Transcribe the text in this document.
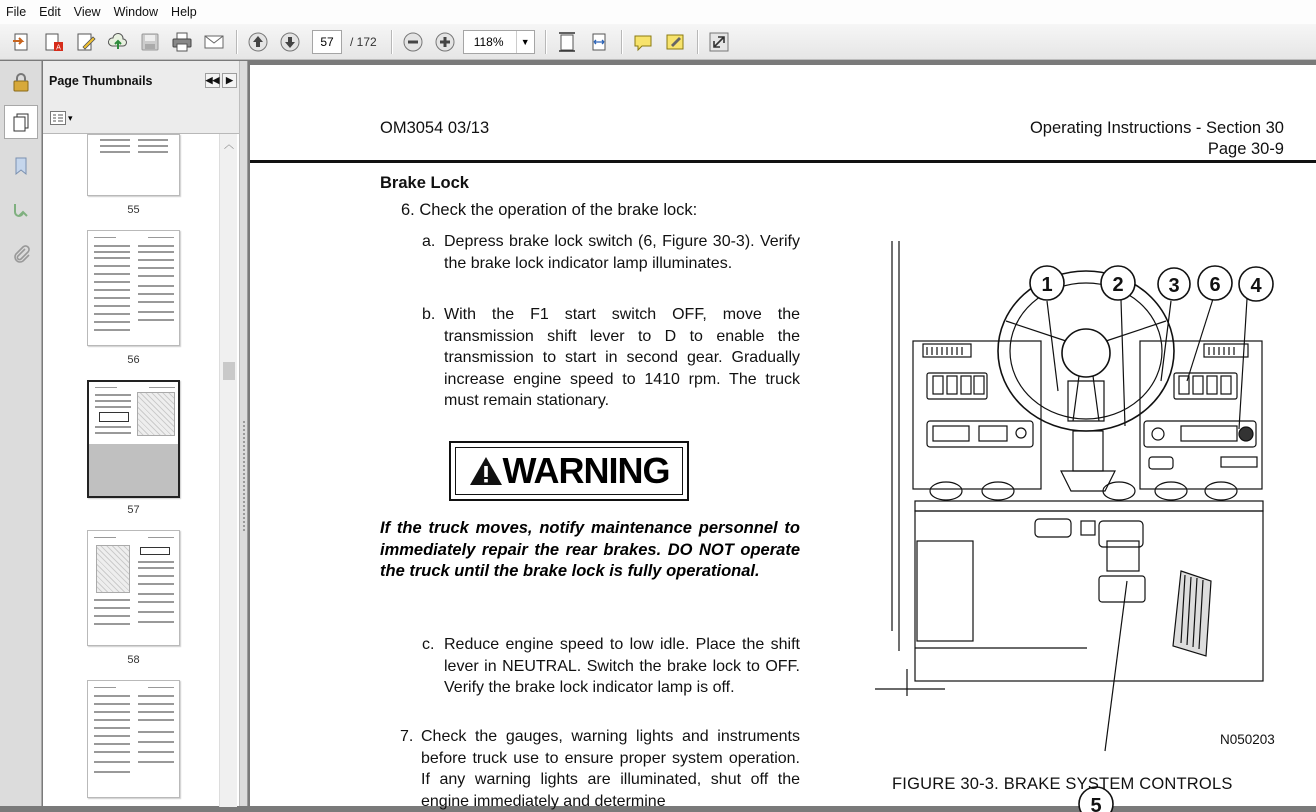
File	Edit	View	Window	Help
A	57	/ 172	118%	▼
Page Thumbnails	◀◀ ▶
▾
55
56
57
58
︿
OM3054 03/13	Operating Instructions - Section 30
Page 30-9
Brake Lock
6. Check the operation of the brake lock:
a. Depress brake lock switch (6, Figure 30-3). Verify the brake lock indicator lamp illuminates.
b. With the F1 start switch OFF, move the transmission shift lever to D to enable the transmission to start in second gear. Gradually increase engine speed to 1410 rpm. The truck must remain stationary.
WARNING
If the truck moves, notify maintenance personnel to immediately repair the rear brakes. DO NOT operate the truck until the brake lock is fully operational.
c. Reduce engine speed to low idle. Place the shift lever in NEUTRAL. Switch the brake lock to OFF. Verify the brake lock indicator lamp is off.
7. Check the gauges, warning lights and instruments before truck use to ensure proper system operation. If any warning lights are illuminated, shut off the engine immediately and determine
1	2 3 6 4
5
N050203
FIGURE 30-3. BRAKE SYSTEM CONTROLS
